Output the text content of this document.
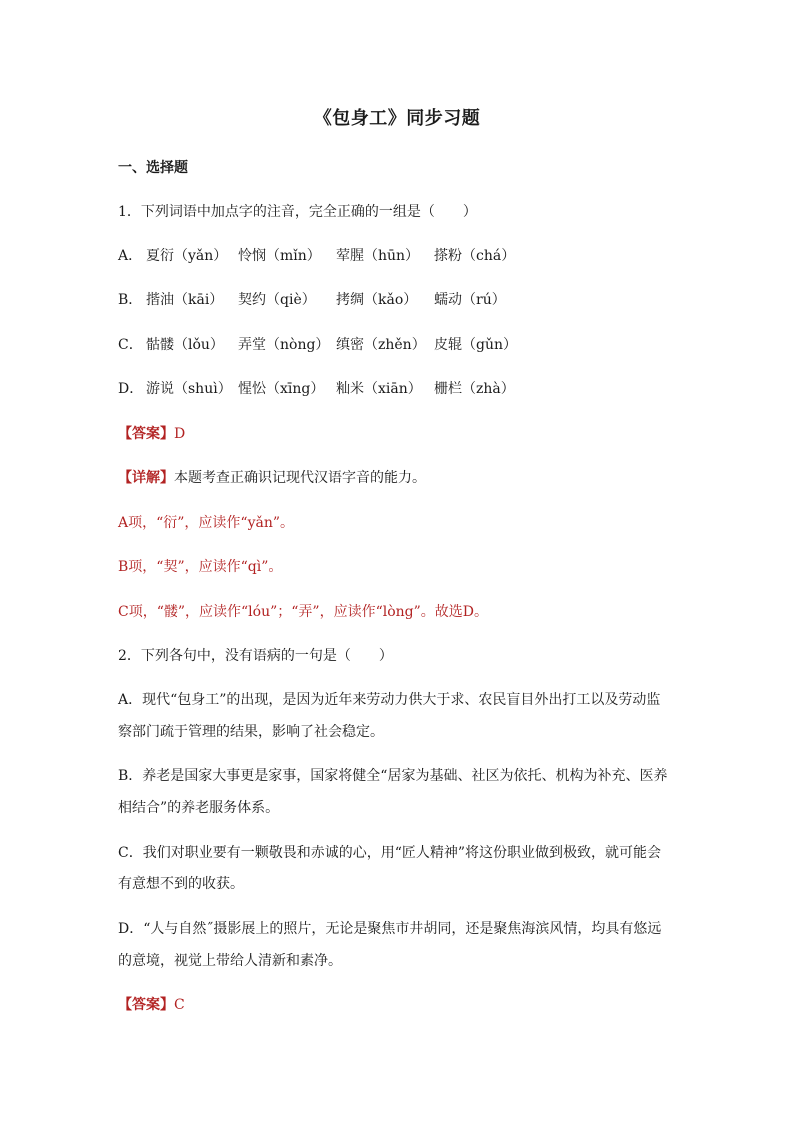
《包身工》同步习题
一、选择题
1．下列词语中加点字的注音，完全正确的一组是（　　）
A． 夏衍（yǎn） 怜悯（mǐn） 荤腥（hūn） 搽粉（chá）
B． 揩油（kāi） 契约（qiè） 拷绸（kǎo） 蠕动（rú）
C． 骷髅（lǒu） 弄堂（nòng） 缜密（zhěn） 皮辊（gǔn）
D． 游说（shuì） 惺忪（xīng） 籼米（xiān） 栅栏（zhà）
【答案】D
【详解】本题考查正确识记现代汉语字音的能力。
A项，“衍”，应读作“yǎn”。
B项，“契”，应读作“qì”。
C项，“髅”，应读作“lóu”；“弄”，应读作“lòng”。故选D。
2．下列各句中，没有语病的一句是（　　）
A．现代“包身工”的出现，是因为近年来劳动力供大于求、农民盲目外出打工以及劳动监
察部门疏于管理的结果，影响了社会稳定。
B．养老是国家大事更是家事，国家将健全“居家为基础、社区为依托、机构为补充、医养
相结合”的养老服务体系。
C．我们对职业要有一颗敬畏和赤诚的心，用“匠人精神”将这份职业做到极致，就可能会
有意想不到的收获。
D．“人与自然˝摄影展上的照片，无论是聚焦市井胡同，还是聚焦海滨风情，均具有悠远
的意境，视觉上带给人清新和素净。
【答案】C
